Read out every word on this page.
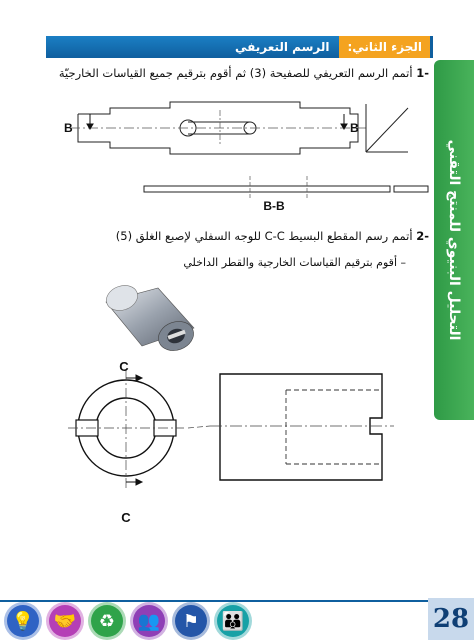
الجزء الثاني:
الرسم التعريفي
التحليل البنيوي للمنتج التقني
-1 أتمم الرسم التعريفي للصفيحة (3) ثم أقوم بترقيم جميع القياسات الخارجيّة
B	B
B-B
-2 أتمم رسم المقطع البسيط C-C للوجه السفلي لإصبع الغلق (5)
– أقوم بترقيم القياسات الخارجية والقطر الداخلي
C
C
💡	🤝	♻	👥	⚑	👪	28
